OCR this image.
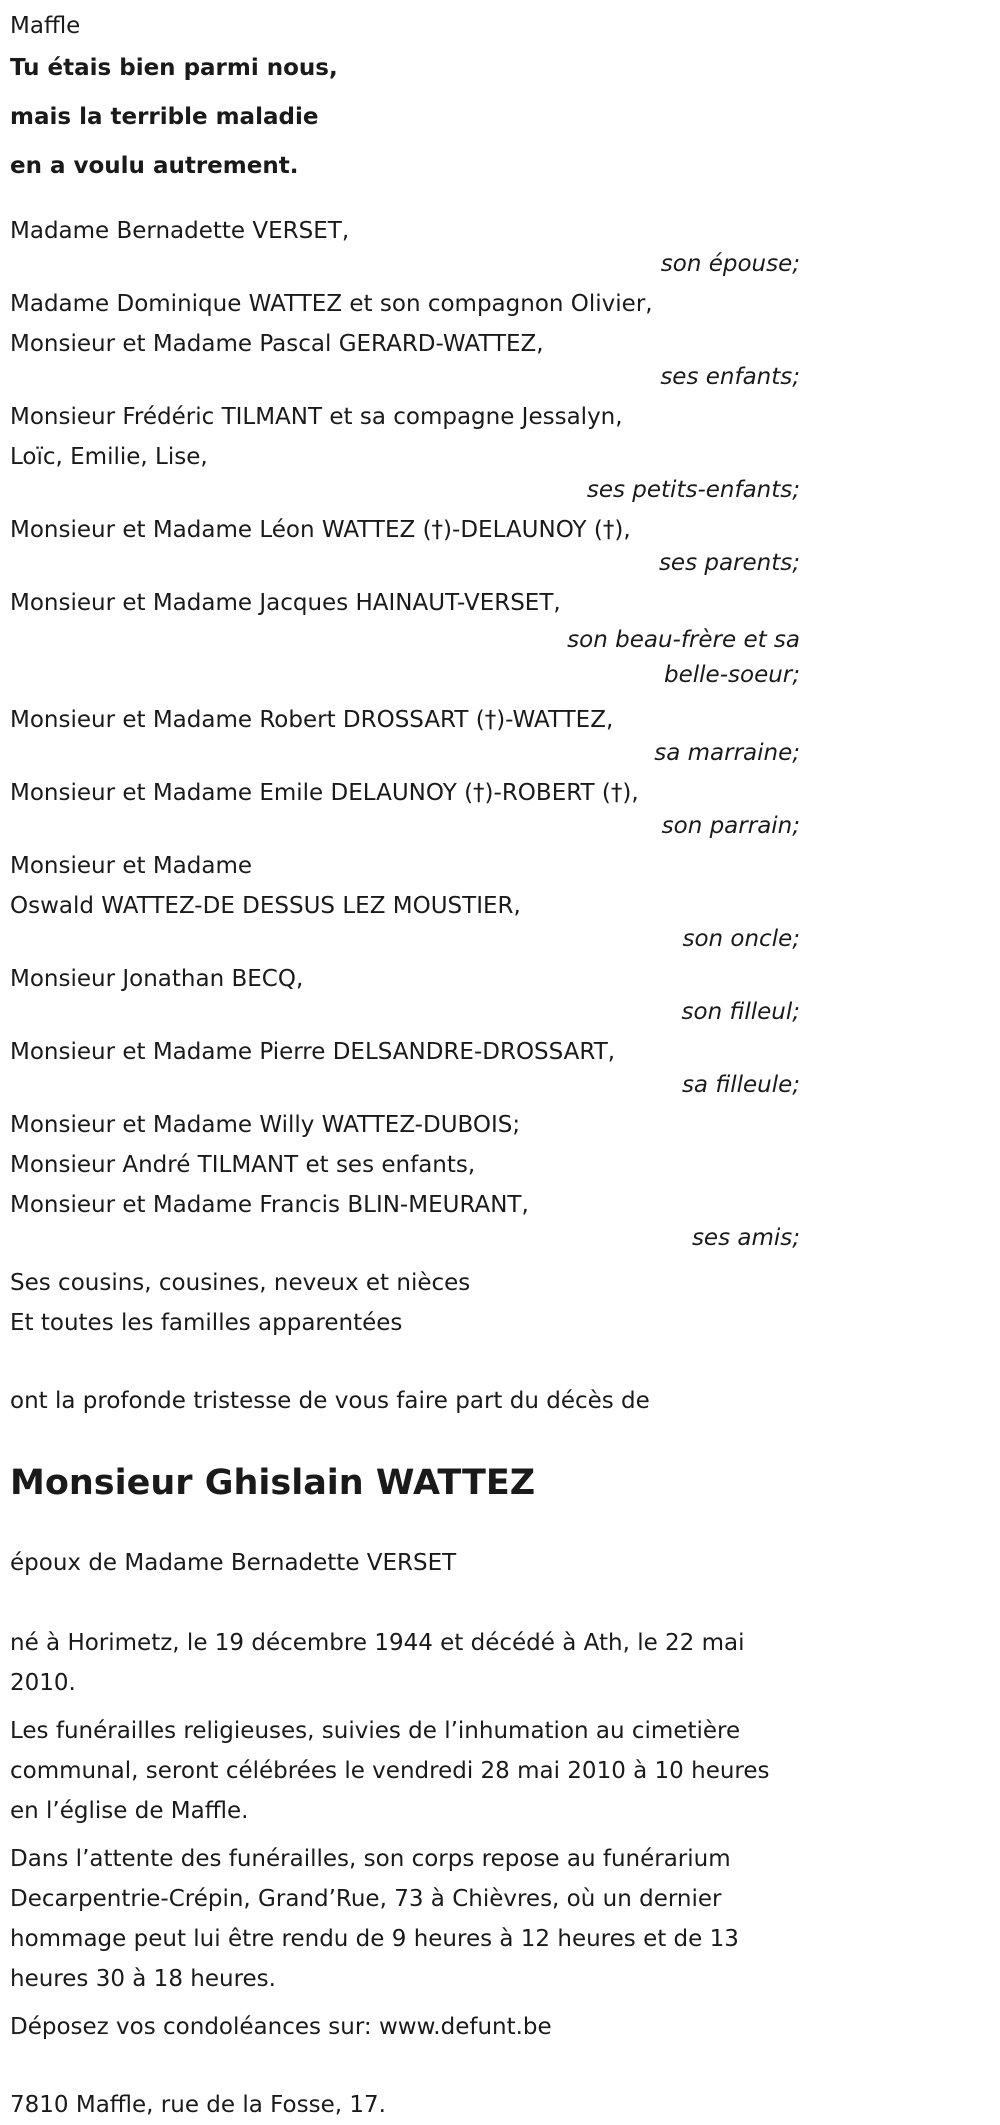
Maffle
Tu étais bien parmi nous,
mais la terrible maladie
en a voulu autrement.
Madame Bernadette VERSET,
son épouse;
Madame Dominique WATTEZ et son compagnon Olivier,
Monsieur et Madame Pascal GERARD-WATTEZ,
ses enfants;
Monsieur Frédéric TILMANT et sa compagne Jessalyn,
Loïc, Emilie, Lise,
ses petits-enfants;
Monsieur et Madame Léon WATTEZ (†)-DELAUNOY (†),
ses parents;
Monsieur et Madame Jacques HAINAUT-VERSET,
son beau-frère et sa
belle-soeur;
Monsieur et Madame Robert DROSSART (†)-WATTEZ,
sa marraine;
Monsieur et Madame Emile DELAUNOY (†)-ROBERT (†),
son parrain;
Monsieur et Madame
Oswald WATTEZ-DE DESSUS LEZ MOUSTIER,
son oncle;
Monsieur Jonathan BECQ,
son filleul;
Monsieur et Madame Pierre DELSANDRE-DROSSART,
sa filleule;
Monsieur et Madame Willy WATTEZ-DUBOIS;
Monsieur André TILMANT et ses enfants,
Monsieur et Madame Francis BLIN-MEURANT,
ses amis;
Ses cousins, cousines, neveux et nièces
Et toutes les familles apparentées
ont la profonde tristesse de vous faire part du décès de
Monsieur Ghislain WATTEZ
époux de Madame Bernadette VERSET
né à Horimetz, le 19 décembre 1944 et décédé à Ath, le 22 mai 2010.
Les funérailles religieuses, suivies de l’inhumation au cimetière communal, seront célébrées le vendredi 28 mai 2010 à 10 heures en l’église de Maffle.
Dans l’attente des funérailles, son corps repose au funérarium Decarpentrie-Crépin, Grand’Rue, 73 à Chièvres, où un dernier hommage peut lui être rendu de 9 heures à 12 heures et de 13 heures 30 à 18 heures.
Déposez vos condoléances sur: www.defunt.be
7810 Maffle, rue de la Fosse, 17.
